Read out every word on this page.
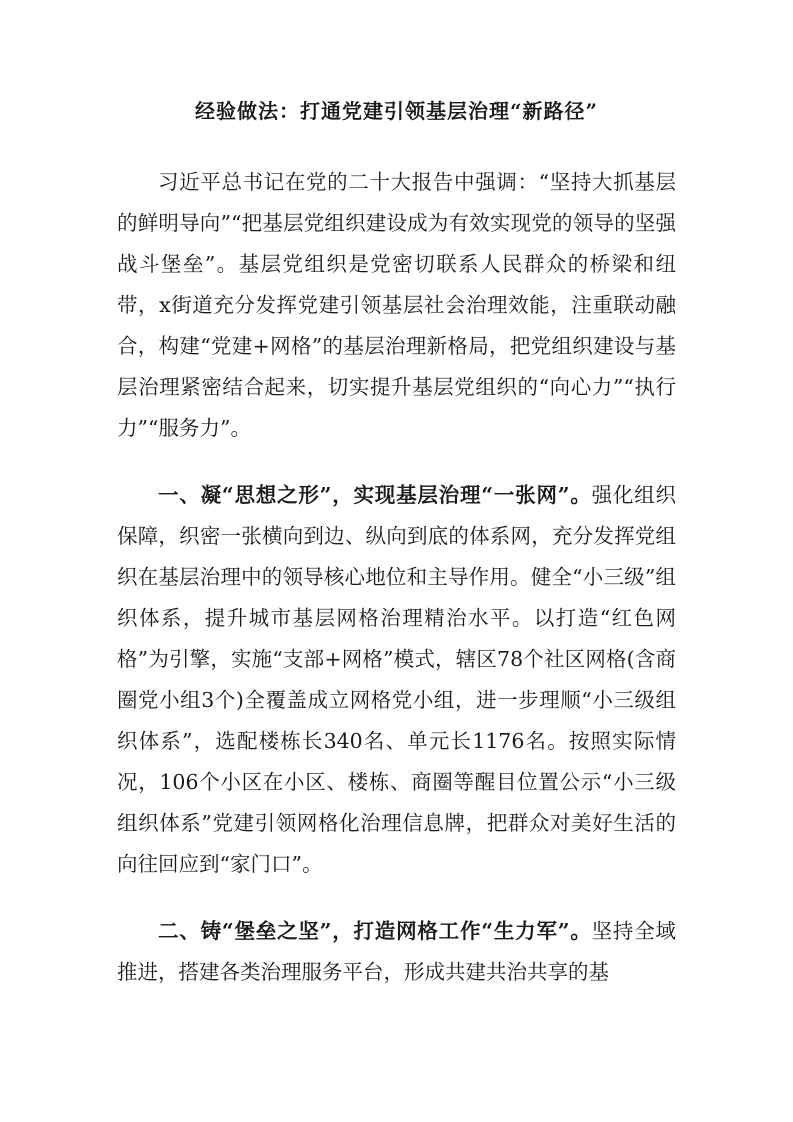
经验做法：打通党建引领基层治理“新路径”

习近平总书记在党的二十大报告中强调：“坚持大抓基层的鲜明导向”“把基层党组织建设成为有效实现党的领导的坚强战斗堡垒”。基层党组织是党密切联系人民群众的桥梁和纽带，x街道充分发挥党建引领基层社会治理效能，注重联动融合，构建“党建+网格”的基层治理新格局，把党组织建设与基层治理紧密结合起来，切实提升基层党组织的“向心力”“执行力”“服务力”。

一、凝“思想之形”，实现基层治理“一张网”。强化组织保障，织密一张横向到边、纵向到底的体系网，充分发挥党组织在基层治理中的领导核心地位和主导作用。健全“小三级”组织体系，提升城市基层网格治理精治水平。以打造“红色网格”为引擎，实施“支部+网格”模式，辖区78个社区网格(含商圈党小组3个)全覆盖成立网格党小组，进一步理顺“小三级组织体系”，选配楼栋长340名、单元长1176名。按照实际情况，106个小区在小区、楼栋、商圈等醒目位置公示“小三级组织体系”党建引领网格化治理信息牌，把群众对美好生活的向往回应到“家门口”。

二、铸“堡垒之坚”，打造网格工作“生力军”。坚持全域推进，搭建各类治理服务平台，形成共建共治共享的基
